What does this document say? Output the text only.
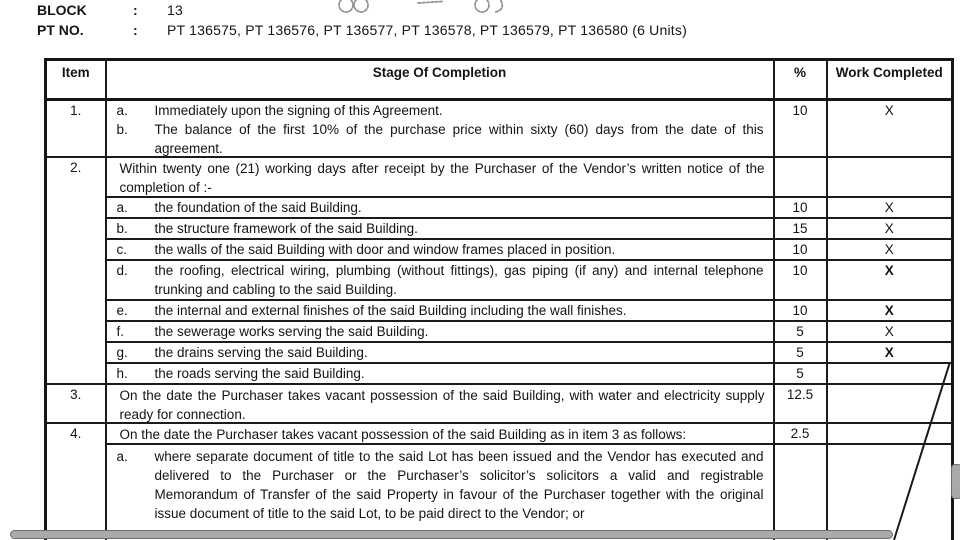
BLOCK	:	13
PT NO.	:	PT 136575, PT 136576, PT 136577, PT 136578, PT 136579, PT 136580 (6 Units)
Item	Stage Of Completion	%	Work Completed
1.	a. Immediately upon the signing of this Agreement.
b. The balance of the first 10% of the purchase price within sixty (60) days from the date of this agreement.	10	X
2.	Within twenty one (21) working days after receipt by the Purchaser of the Vendor’s written notice of the completion of :-		

	a. the foundation of the said Building.	10	X

	b. the structure framework of the said Building.	15	X

	c. the walls of the said Building with door and window frames placed in position.	10	X

	d. the roofing, electrical wiring, plumbing (without fittings), gas piping (if any) and internal telephone trunking and cabling to the said Building.	10	X

	e. the internal and external finishes of the said Building including the wall finishes.	10	X

	f. the sewerage works serving the said Building.	5	X

	g. the drains serving the said Building.	5	X

	h. the roads serving the said Building.	5	
3.	On the date the Purchaser takes vacant possession of the said Building, with water and electricity supply ready for connection.	12.5	
4.	On the date the Purchaser takes vacant possession of the said Building as in item 3 as follows:	2.5	

	a. where separate document of title to the said Lot has been issued and the Vendor has executed and delivered to the Purchaser or the Purchaser’s solicitor’s solicitors a valid and registrable Memorandum of Transfer of the said Property in favour of the Purchaser together with the original issue document of title to the said Lot, to be paid direct to the Vendor; or		
